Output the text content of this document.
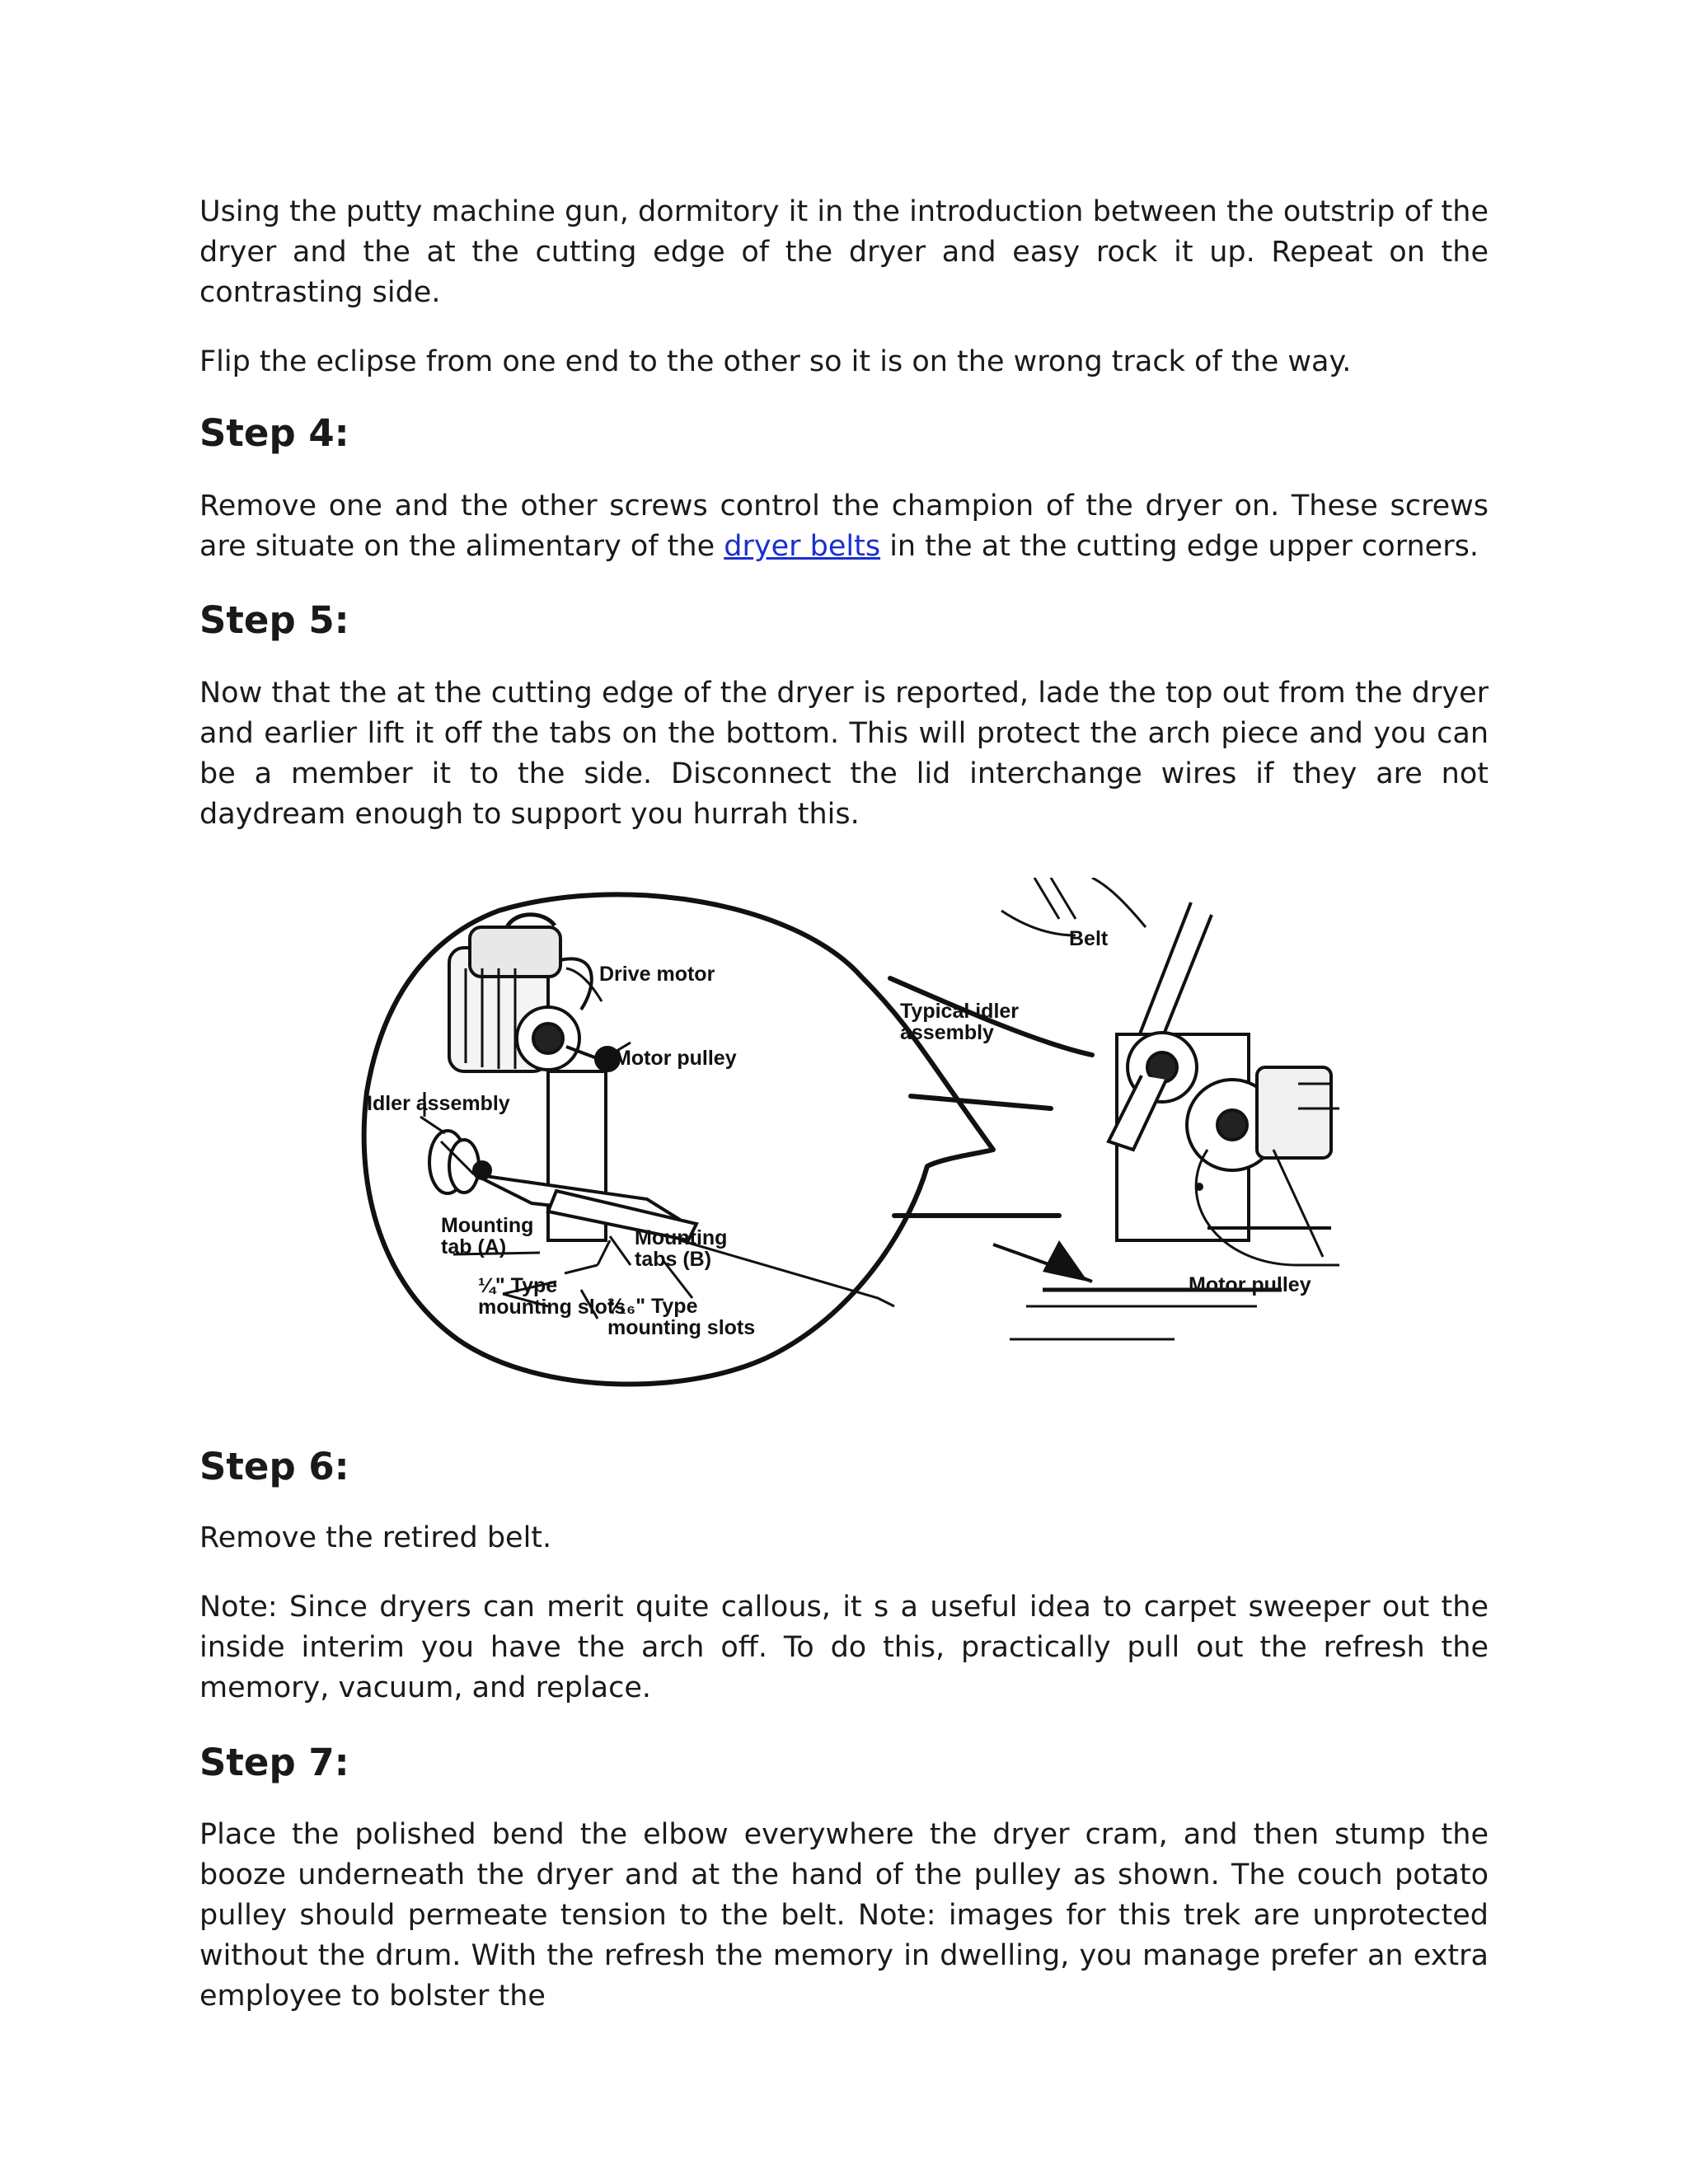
Using the putty machine gun, dormitory it in the introduction between the outstrip of the dryer and the at the cutting edge of the dryer and easy rock it up. Repeat on the contrasting side.

Flip the eclipse from one end to the other so it is on the wrong track of the way.

Step 4:

Remove one and the other screws control the champion of the dryer on. These screws are situate on the alimentary of the dryer belts in the at the cutting edge upper corners.

Step 5:

Now that the at the cutting edge of the dryer is reported, lade the top out from the dryer and earlier lift it off the tabs on the bottom. This will protect the arch piece and you can be a member it to the side. Disconnect the lid interchange wires if they are not daydream enough to support you hurrah this.

Drive motor
Motor pulley
Idler assembly
Mounting
tab (A)	Mounting
tabs (B)
¼" Type
mounting slots
³⁄₁₆" Type
mounting slots
Belt
Typical idler
assembly
Motor pulley
Step 6:

Remove the retired belt.

Note: Since dryers can merit quite callous, it s a useful idea to carpet sweeper out the inside interim you have the arch off. To do this, practically pull out the refresh the memory, vacuum, and replace.

Step 7:

Place the polished bend the elbow everywhere the dryer cram, and then stump the booze underneath the dryer and at the hand of the pulley as shown. The couch potato pulley should permeate tension to the belt. Note: images for this trek are unprotected without the drum. With the refresh the memory in dwelling, you manage prefer an extra employee to bolster the
